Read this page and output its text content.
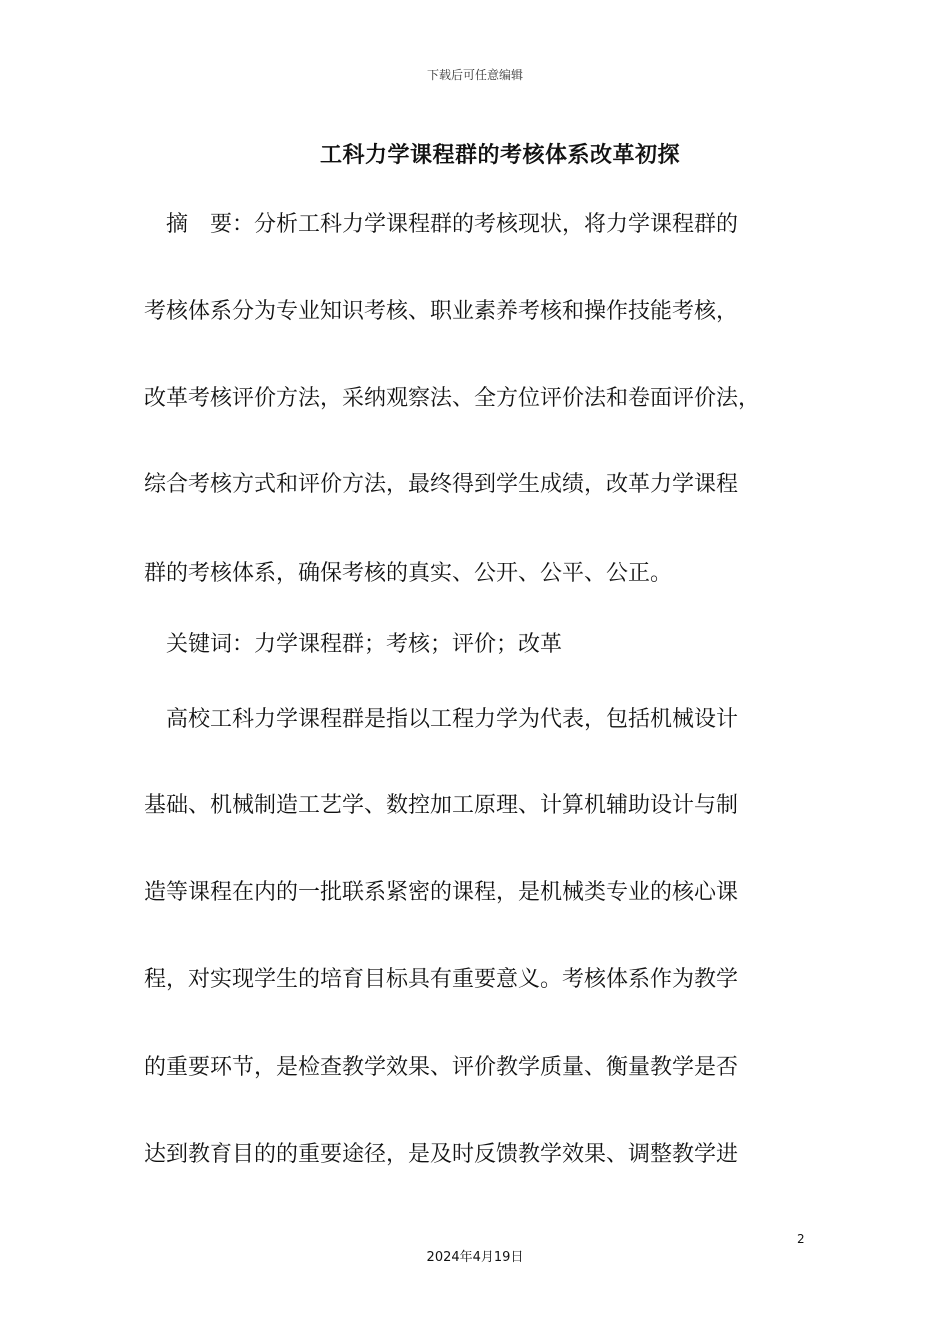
下载后可任意编辑
工科力学课程群的考核体系改革初探
摘　要：分析工科力学课程群的考核现状，将力学课程群的
考核体系分为专业知识考核、职业素养考核和操作技能考核，
改革考核评价方法，采纳观察法、全方位评价法和卷面评价法，
综合考核方式和评价方法，最终得到学生成绩，改革力学课程
群的考核体系，确保考核的真实、公开、公平、公正。
关键词：力学课程群；考核；评价；改革
高校工科力学课程群是指以工程力学为代表，包括机械设计
基础、机械制造工艺学、数控加工原理、计算机辅助设计与制
造等课程在内的一批联系紧密的课程，是机械类专业的核心课
程，对实现学生的培育目标具有重要意义。考核体系作为教学
的重要环节，是检查教学效果、评价教学质量、衡量教学是否
达到教育目的的重要途径，是及时反馈教学效果、调整教学进
2
2024年4月19日
